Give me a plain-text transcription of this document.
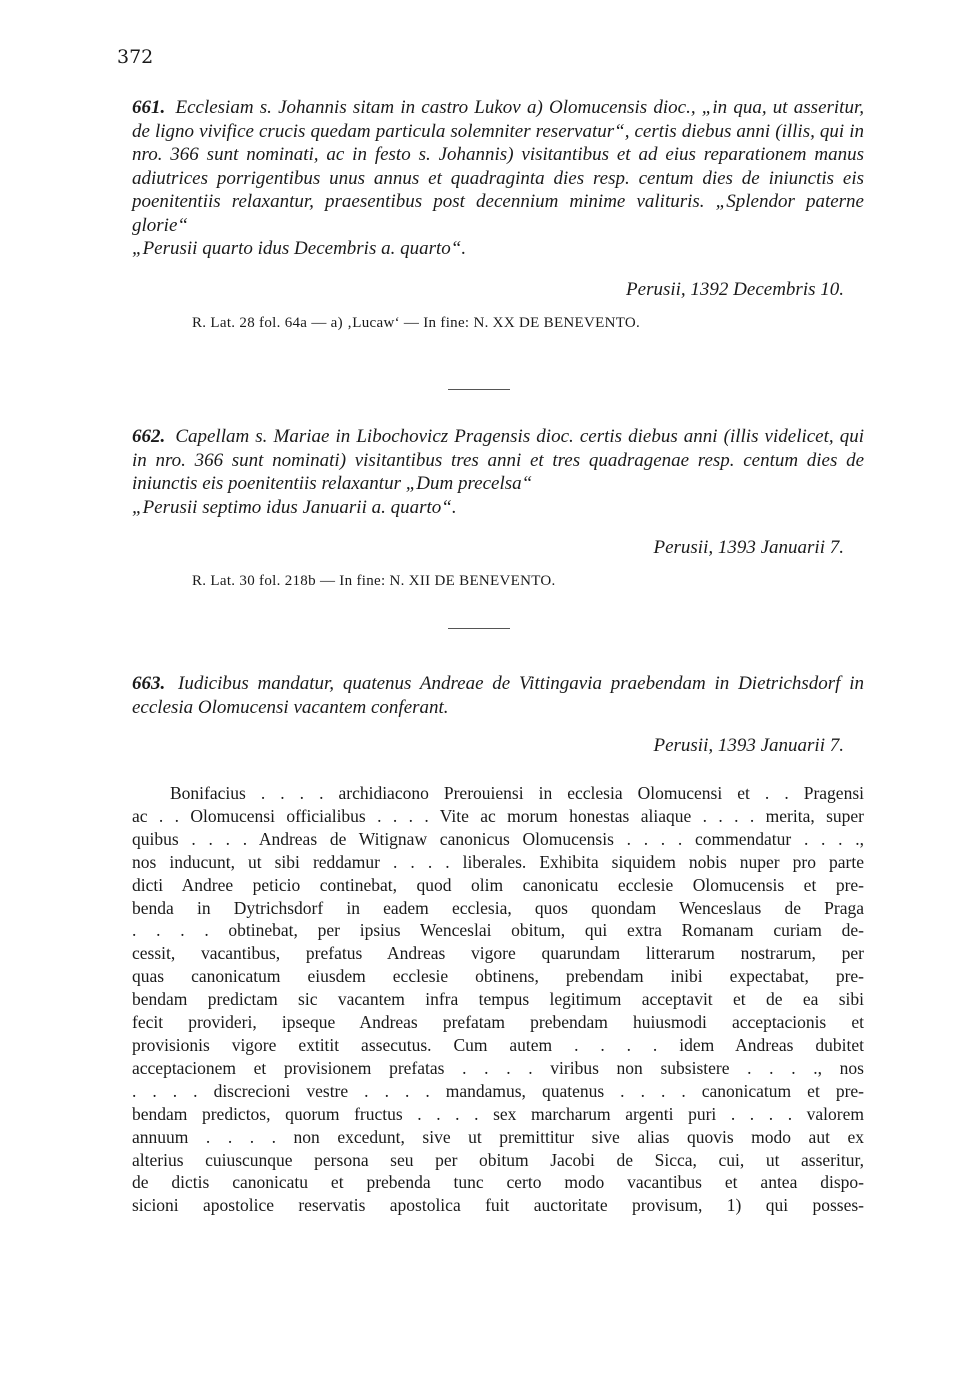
372

661. Ecclesiam s. Johannis sitam in castro Lukov a) Olomucensis dioc., „in qua, ut asseritur, de ligno vivifice crucis quedam particula solemniter reservatur“, certis diebus anni (illis, qui in nro. 366 sunt nominati, ac in festo s. Johannis) visitantibus et ad eius reparationem manus adiutrices porrigentibus unus annus et quadraginta dies resp. centum dies de iniunctis eis poenitentiis relaxantur, praesentibus post decennium minime valituris. „Splendor paterne glorie“
„Perusii quarto idus Decembris a. quarto“.

Perusii, 1392 Decembris 10.
R. Lat. 28 fol. 64a — a) ‚Lucaw‘ — In fine: N. XX DE BENEVENTO.

662. Capellam s. Mariae in Libochovicz Pragensis dioc. certis diebus anni (illis videlicet, qui in nro. 366 sunt nominati) visitantibus tres anni et tres quadragenae resp. centum dies de iniunctis eis poenitentiis relaxantur „Dum precelsa“
„Perusii septimo idus Januarii a. quarto“.

Perusii, 1393 Januarii 7.
R. Lat. 30 fol. 218b — In fine: N. XII DE BENEVENTO.

663. Iudicibus mandatur, quatenus Andreae de Vittingavia praebendam in Dietrichsdorf in ecclesia Olomucensi vacantem conferant.

Perusii, 1393 Januarii 7.
Bonifacius . . . . archidiacono Prerouiensi in ecclesia Olomucensi et . . Pragensi
ac . . Olomucensi officialibus . . . . Vite ac morum honestas aliaque . . . . merita, super
quibus . . . . Andreas de Witignaw canonicus Olomucensis . . . . commendatur . . . .,
nos inducunt, ut sibi reddamur . . . . liberales. Exhibita siquidem nobis nuper pro parte
dicti Andree peticio continebat, quod olim canonicatu ecclesie Olomucensis et pre-
benda in Dytrichsdorf in eadem ecclesia, quos quondam Wenceslaus de Praga
. . . . obtinebat, per ipsius Wenceslai obitum, qui extra Romanam curiam de-
cessit, vacantibus, prefatus Andreas vigore quarundam litterarum nostrarum, per
quas canonicatum eiusdem ecclesie obtinens, prebendam inibi expectabat, pre-
bendam predictam sic vacantem infra tempus legitimum acceptavit et de ea sibi
fecit provideri, ipseque Andreas prefatam prebendam huiusmodi acceptacionis et
provisionis vigore extitit assecutus. Cum autem . . . . idem Andreas dubitet
acceptacionem et provisionem prefatas . . . . viribus non subsistere . . . ., nos
. . . . discrecioni vestre . . . . mandamus, quatenus . . . . canonicatum et pre-
bendam predictos, quorum fructus . . . . sex marcharum argenti puri . . . . valorem
annuum . . . . non excedunt, sive ut premittitur sive alias quovis modo aut ex
alterius cuiuscunque persona seu per obitum Jacobi de Sicca, cui, ut asseritur,
de dictis canonicatu et prebenda tunc certo modo vacantibus et antea dispo-
sicioni apostolice reservatis apostolica fuit auctoritate provisum, 1) qui posses-
